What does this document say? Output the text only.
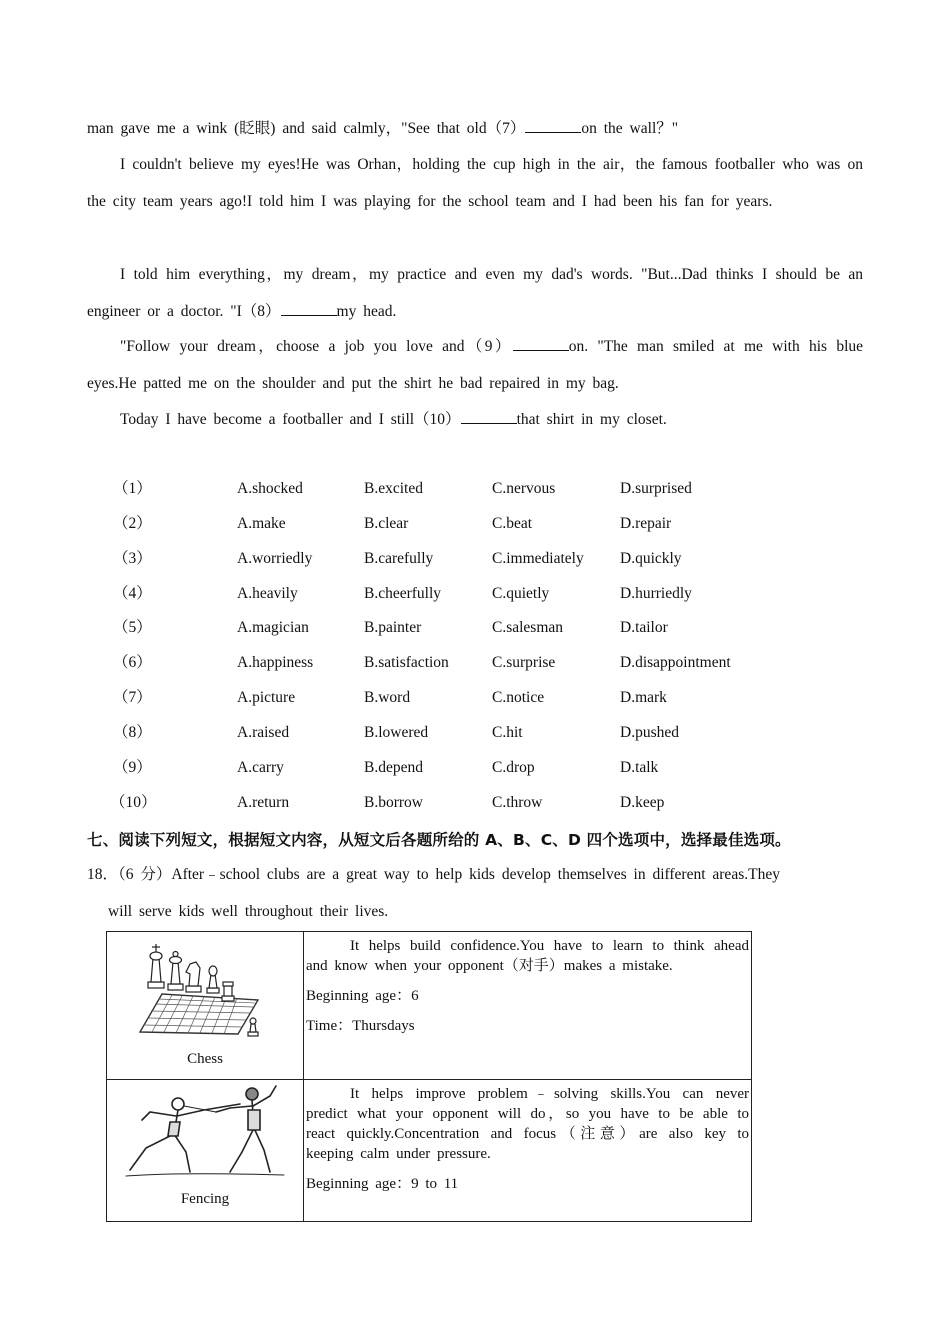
man gave me a wink (眨眼) and said calmly，"See that old（7）	on the wall？"

I couldn't believe my eyes!He was Orhan，holding the cup high in the air，the famous footballer who was on the city team years ago!I told him I was playing for the school team and I had been his fan for years.

I told him everything，my dream，my practice and even my dad's words. "But...Dad thinks I should be an engineer or a doctor. "I（8）	my head.

"Follow your dream，choose a job you love and（9）	on. "The man smiled at me with his blue eyes.He patted me on the shoulder and put the shirt he bad repaired in my bag.

Today I have become a footballer and I still（10）	that shirt in my closet.

（1）	A.shocked	B.excited	C.nervous	D.surprised
（2）	A.make	B.clear	C.beat	D.repair
（3）	A.worriedly	B.carefully	C.immediately D.quickly
（4）	A.heavily	B.cheerfully	C.quietly	D.hurriedly
（5）	A.magician	B.painter	C.salesman	D.tailor
（6）	A.happiness	B.satisfaction	C.surprise	D.disappointment
（7）	A.picture	B.word	C.notice	D.mark
（8）	A.raised	B.lowered	C.hit	D.pushed
（9）	A.carry	B.depend	C.drop	D.talk
（10）	A.return	B.borrow	C.throw	D.keep
七、阅读下列短文，根据短文内容，从短文后各题所给的 A、B、C、D 四个选项中，选择最佳选项。

18．（6 分）After﹣school clubs are a great way to help kids develop themselves in different areas.They
will serve kids well throughout their lives.

Chess	It helps build confidence.You have to learn to think ahead and know when your opponent（对手）makes a mistake.

Beginning age：6

Time：Thursdays

Fencing	It helps improve problem﹣solving skills.You can never predict what your opponent will do，so you have to be able to react quickly.Concentration and focus（注意）are also key to keeping calm under pressure.

Beginning age：9 to 11
